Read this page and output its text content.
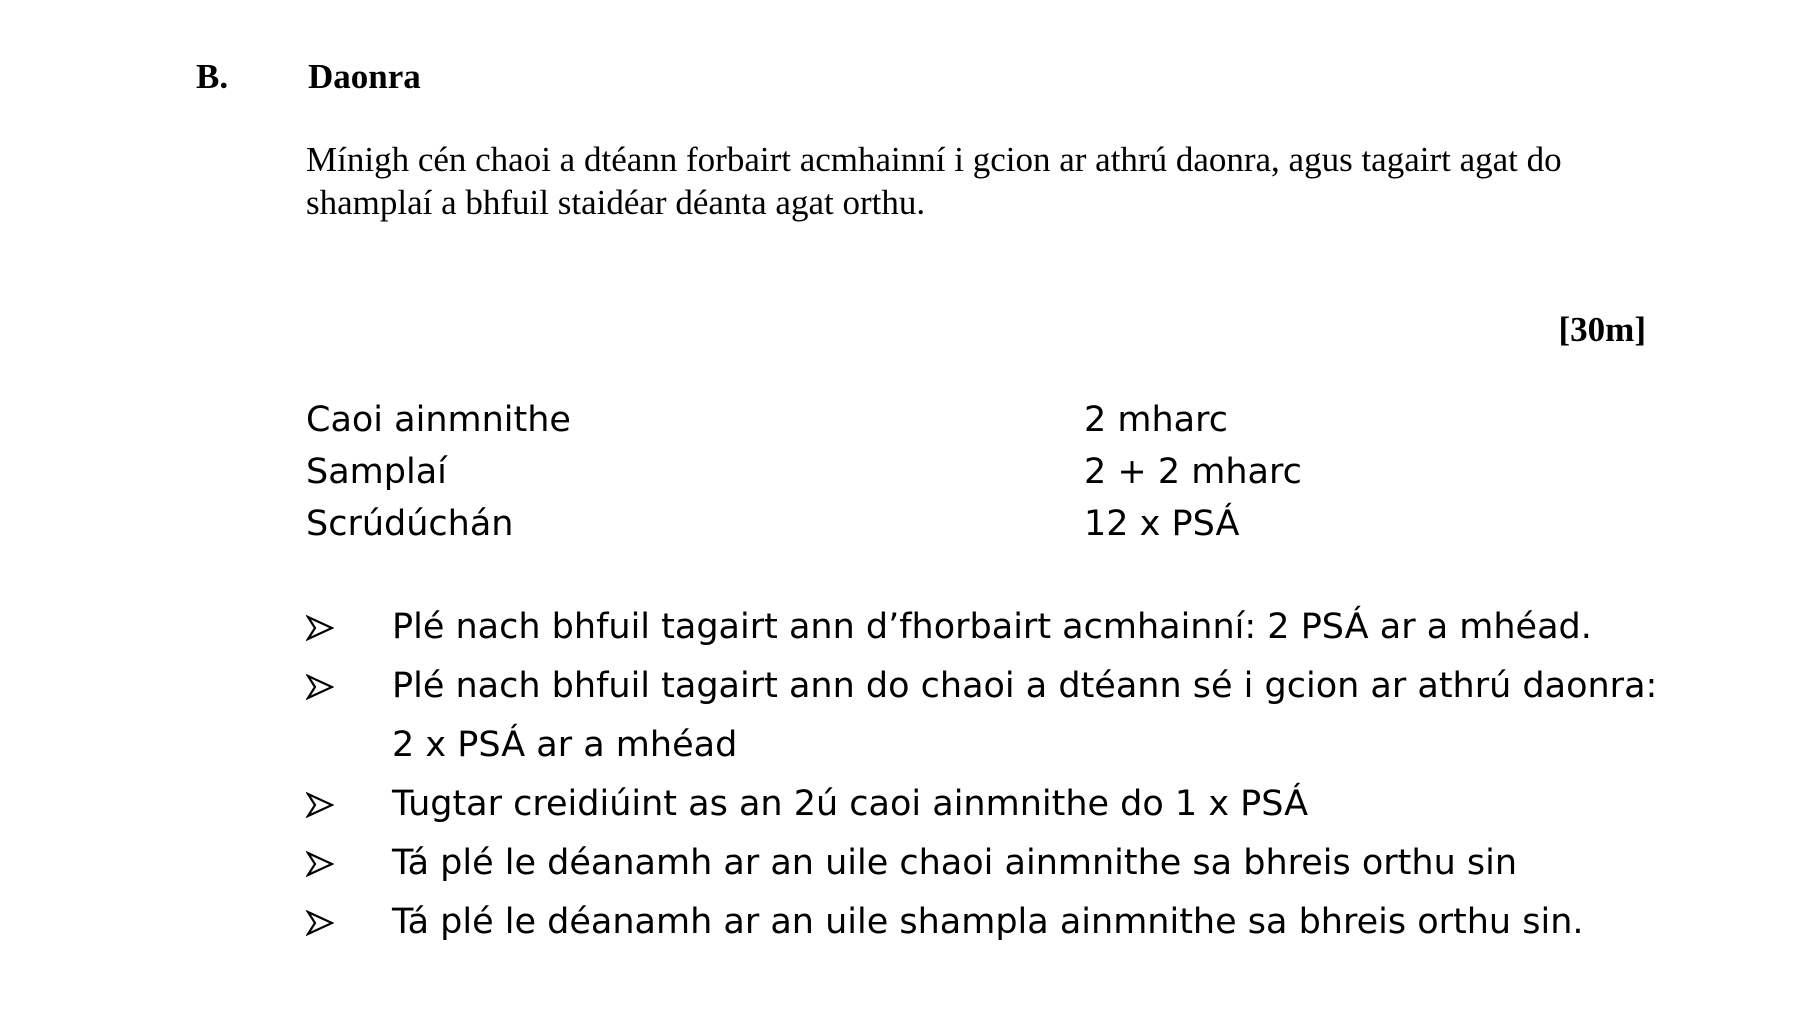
B. Daonra
Mínigh cén chaoi a dtéann forbairt acmhainní i gcion ar athrú daonra, agus tagairt agat do shamplaí a bhfuil staidéar déanta agat orthu.
[30m]
Caoi ainmnithe	2 mharc
Samplaí	2 + 2 mharc
Scrúdúchán	12 x PSÁ
Plé nach bhfuil tagairt ann d’fhorbairt acmhainní: 2 PSÁ ar a mhéad.
Plé nach bhfuil tagairt ann do chaoi a dtéann sé i gcion ar athrú daonra: 2 x PSÁ ar a mhéad
Tugtar creidiúint as an 2ú caoi ainmnithe do 1 x PSÁ
Tá plé le déanamh ar an uile chaoi ainmnithe sa bhreis orthu sin
Tá plé le déanamh ar an uile shampla ainmnithe sa bhreis orthu sin.
